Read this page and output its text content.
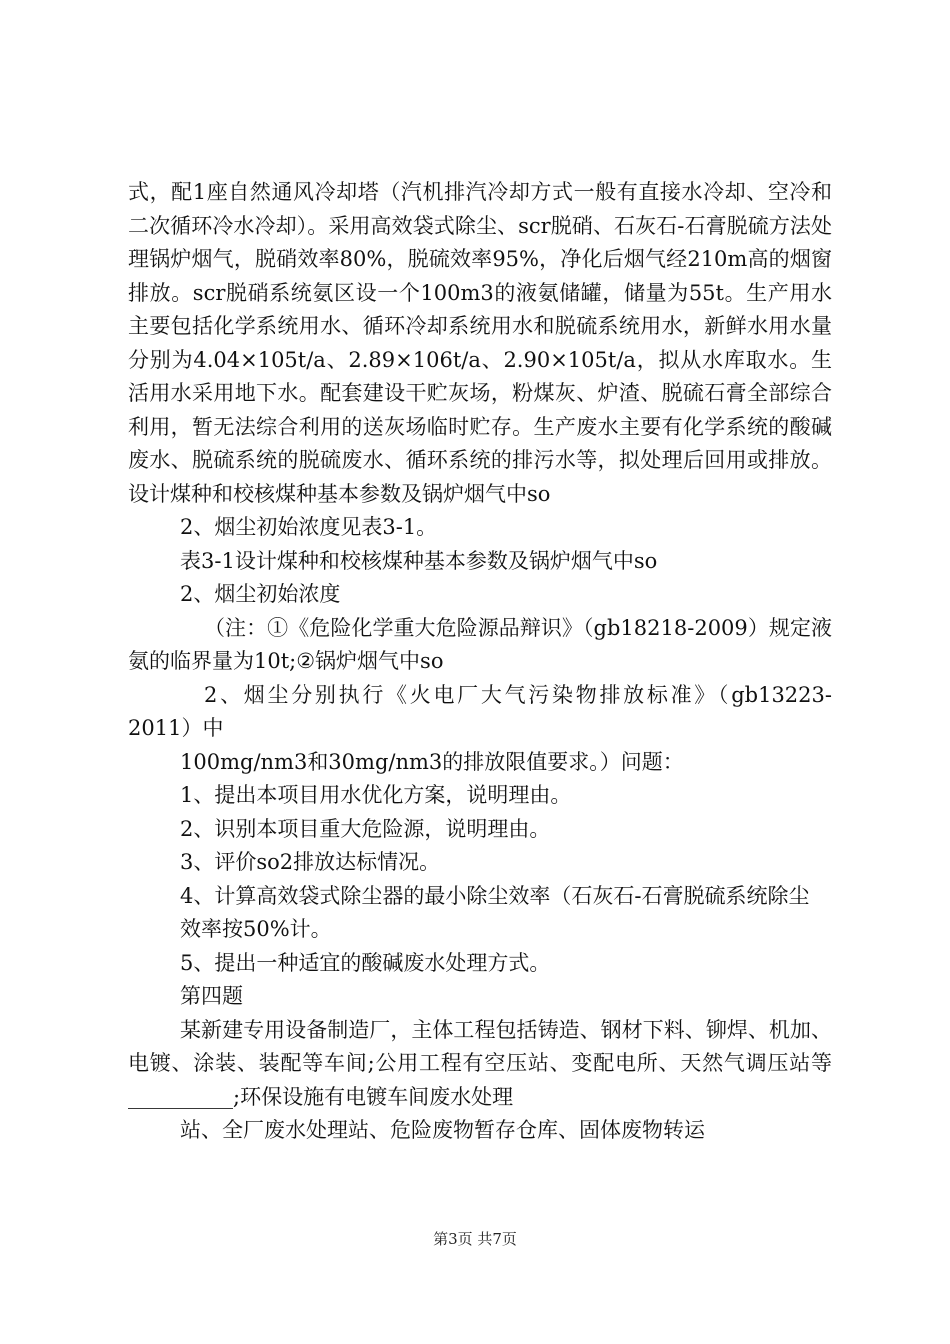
式，配1座自然通风冷却塔（汽机排汽冷却方式一般有直接水冷却、空冷和二次循环冷水冷却）。采用高效袋式除尘、scr脱硝、石灰石-石膏脱硫方法处理锅炉烟气，脱硝效率80%，脱硫效率95%，净化后烟气经210m高的烟窗排放。scr脱硝系统氨区设一个100m3的液氨储罐，储量为55t。生产用水主要包括化学系统用水、循环冷却系统用水和脱硫系统用水，新鲜水用水量分别为4.04×105t/a、2.89×106t/a、2.90×105t/a，拟从水库取水。生活用水采用地下水。配套建设干贮灰场，粉煤灰、炉渣、脱硫石膏全部综合利用，暂无法综合利用的送灰场临时贮存。生产废水主要有化学系统的酸碱废水、脱硫系统的脱硫废水、循环系统的排污水等，拟处理后回用或排放。设计煤种和校核煤种基本参数及锅炉烟气中so

2、烟尘初始浓度见表3-1。

表3-1设计煤种和校核煤种基本参数及锅炉烟气中so

2、烟尘初始浓度

（注：①《危险化学重大危险源品辩识》（gb18218-2009）规定液氨的临界量为10t;②锅炉烟气中so

2、烟尘分别执行《火电厂大气污染物排放标准》（gb13223-2011）中

100mg/nm3和30mg/nm3的排放限值要求。）问题：

1、提出本项目用水优化方案，说明理由。

2、识别本项目重大危险源，说明理由。

3、评价so2排放达标情况。

4、计算高效袋式除尘器的最小除尘效率（石灰石-石膏脱硫系统除尘

效率按50%计。

5、提出一种适宜的酸碱废水处理方式。

第四题

某新建专用设备制造厂，主体工程包括铸造、钢材下料、铆焊、机加、电镀、涂装、装配等车间;公用工程有空压站、变配电所、天然气调压站等__________;环保设施有电镀车间废水处理

站、全厂废水处理站、危险废物暂存仓库、固体废物转运

第3页 共7页
